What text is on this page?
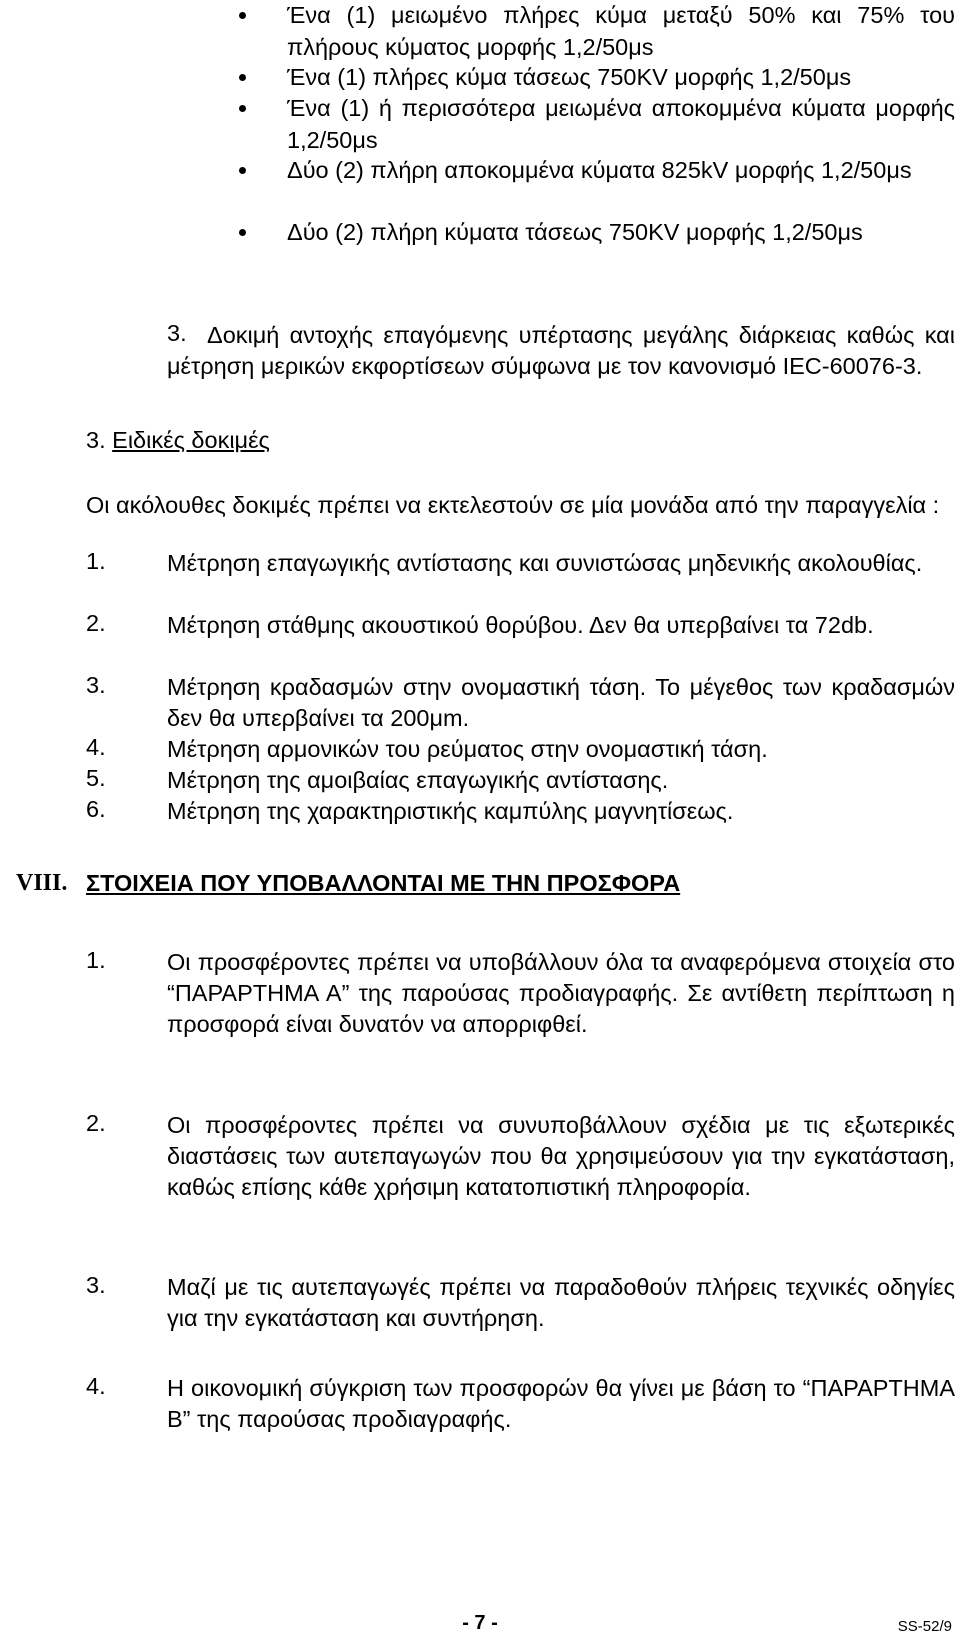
Ένα (1) μειωμένο πλήρες κύμα μεταξύ 50% και 75% του πλήρους κύματος μορφής 1,2/50μs
Ένα (1) πλήρες κύμα τάσεως 750KV μορφής 1,2/50μs
Ένα (1) ή περισσότερα μειωμένα αποκομμένα κύματα μορφής 1,2/50μs
Δύο (2) πλήρη αποκομμένα κύματα 825kV μορφής 1,2/50μs
Δύο (2) πλήρη κύματα τάσεως 750KV μορφής 1,2/50μs
3. Δοκιμή αντοχής επαγόμενης υπέρτασης μεγάλης διάρκειας καθώς και μέτρηση μερικών εκφορτίσεων σύμφωνα με τον κανονισμό IEC-60076-3.
3. Ειδικές δοκιμές
Οι ακόλουθες δοκιμές πρέπει να εκτελεστούν σε μία μονάδα από την παραγγελία :
1.	Μέτρηση επαγωγικής αντίστασης και συνιστώσας μηδενικής ακολουθίας.
2.	Μέτρηση στάθμης ακουστικού θορύβου. Δεν θα υπερβαίνει τα 72db.
3.	Μέτρηση κραδασμών στην ονομαστική τάση. Το μέγεθος των κραδασμών δεν θα υπερβαίνει τα 200μm.
4.	Μέτρηση αρμονικών του ρεύματος στην ονομαστική τάση.
5.	Μέτρηση της αμοιβαίας επαγωγικής αντίστασης.
6.	Μέτρηση της χαρακτηριστικής καμπύλης μαγνητίσεως.
VIII. ΣΤΟΙΧΕΙΑ ΠΟΥ ΥΠΟΒΑΛΛΟΝΤΑΙ ΜΕ ΤΗΝ ΠΡΟΣΦΟΡΑ
1.	Οι προσφέροντες πρέπει να υποβάλλουν όλα τα αναφερόμενα στοιχεία στο “ΠΑΡΑΡΤΗΜΑ Α” της παρούσας προδιαγραφής. Σε αντίθετη περίπτωση η προσφορά είναι δυνατόν να απορριφθεί.
2.	Οι προσφέροντες πρέπει να συνυποβάλλουν σχέδια με τις εξωτερικές διαστάσεις των αυτεπαγωγών που θα χρησιμεύσουν για την εγκατάσταση, καθώς επίσης κάθε χρήσιμη κατατοπιστική πληροφορία.
3.	Μαζί με τις αυτεπαγωγές πρέπει να παραδοθούν πλήρεις τεχνικές οδηγίες για την εγκατάσταση και συντήρηση.
4.	Η οικονομική σύγκριση των προσφορών θα γίνει με βάση το “ΠΑΡΑΡΤΗΜΑ Β” της παρούσας προδιαγραφής.
- 7 -	SS-52/9
